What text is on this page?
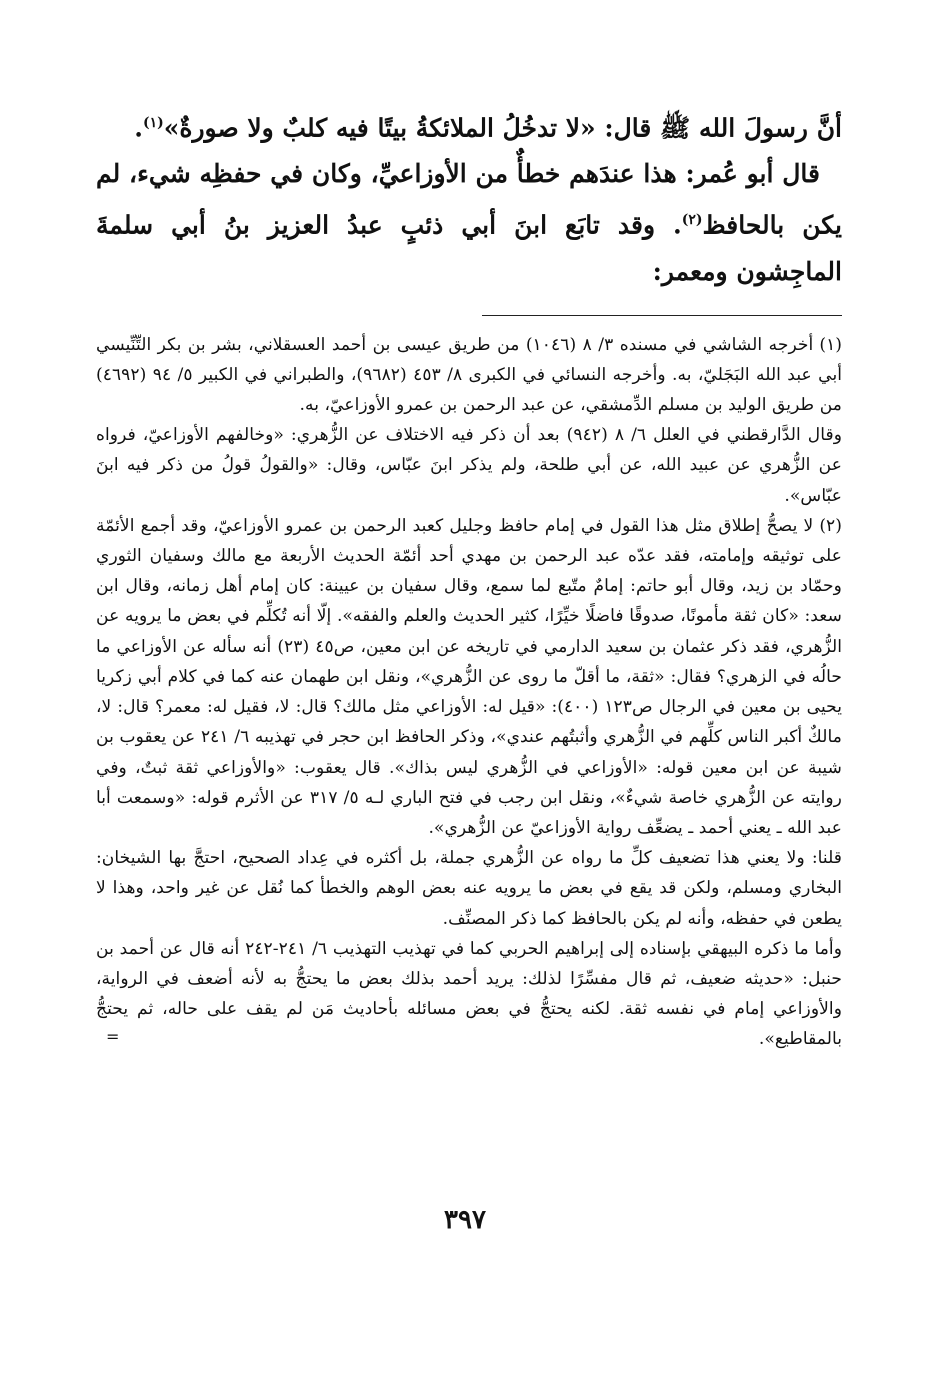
أنَّ رسولَ الله ﷺ قال: «لا تدخُلُ الملائكةُ بيتًا فيه كلبٌ ولا صورةٌ»$^{(١)}$.

قال أبو عُمر: هذا عندَهم خطأٌ من الأوزاعيِّ، وكان في حفظِه شيء، لم يكن بالحافظ$^{(٢)}$. وقد تابَع ابنَ أبي ذئبٍ عبدُ العزيز بنُ أبي سلمةَ الماجِشون ومعمر:

(١)أخرجه الشاشي في مسنده ٣/ ٨ (١٠٤٦) من طريق عيسى بن أحمد العسقلاني، بشر بن بكر التِّنِّيسي أبي عبد الله البَجَليّ، به. وأخرجه النسائي في الكبرى ٨/ ٤٥٣ (٩٦٨٢)، والطبراني في الكبير ٥/ ٩٤ (٤٦٩٢) من طريق الوليد بن مسلم الدِّمشقي، عن عبد الرحمن بن عمرو الأوزاعيّ، به.

وقال الدَّارقطني في العلل ٦/ ٨ (٩٤٢) بعد أن ذكر فيه الاختلاف عن الزُّهري: «وخالفهم الأوزاعيّ، فرواه عن الزُّهري عن عبيد الله، عن أبي طلحة، ولم يذكر ابنَ عبّاس، وقال: «والقولُ قولُ من ذكر فيه ابنَ عبّاس».

(٢)لا يصحُّ إطلاق مثل هذا القول في إمام حافظ وجليل كعبد الرحمن بن عمرو الأوزاعيّ، وقد أجمع الأئمّة على توثيقه وإمامته، فقد عدّه عبد الرحمن بن مهدي أحد أئمّة الحديث الأربعة مع مالك وسفيان الثوري وحمّاد بن زيد، وقال أبو حاتم: إمامٌ متّبع لما سمع، وقال سفيان بن عيينة: كان إمام أهل زمانه، وقال ابن سعد: «كان ثقة مأمونًا، صدوقًا فاضلًا خيِّرًا، كثير الحديث والعلم والفقه». إلّا أنه تُكلِّم في بعض ما يرويه عن الزُّهري، فقد ذكر عثمان بن سعيد الدارمي في تاريخه عن ابن معين، ص٤٥ (٢٣) أنه سأله عن الأوزاعي ما حالُه في الزهري؟ فقال: «ثقة، ما أقلّ ما روى عن الزُّهري»، ونقل ابن طهمان عنه كما في كلام أبي زكريا يحيى بن معين في الرجال ص١٢٣ (٤٠٠): «قيل له: الأوزاعي مثل مالك؟ قال: لا، فقيل له: معمر؟ قال: لا، مالكٌ أكبر الناس كلِّهم في الزُّهري وأثبتُهم عندي»، وذكر الحافظ ابن حجر في تهذيبه ٦/ ٢٤١ عن يعقوب بن شيبة عن ابن معين قوله: «الأوزاعي في الزُّهري ليس بذاك». قال يعقوب: «والأوزاعي ثقة ثبتٌ، وفي روايته عن الزُّهري خاصة شيءٌ»، ونقل ابن رجب في فتح الباري لـه ٥/ ٣١٧ عن الأثرم قوله: «وسمعت أبا عبد الله ـ يعني أحمد ـ يضعِّف رواية الأوزاعيّ عن الزُّهري».

قلنا: ولا يعني هذا تضعيف كلِّ ما رواه عن الزُّهري جملة، بل أكثره في عِداد الصحيح، احتجَّ بها الشيخان: البخاري ومسلم، ولكن قد يقع في بعض ما يرويه عنه بعض الوهم والخطأ كما نُقل عن غير واحد، وهذا لا يطعن في حفظه، وأنه لم يكن بالحافظ كما ذكر المصنِّف.

وأما ما ذكره البيهقي بإسناده إلى إبراهيم الحربي كما في تهذيب التهذيب ٦/ ٢٤١-٢٤٢ أنه قال عن أحمد بن حنبل: «حديثه ضعيف، ثم قال مفسِّرًا لذلك: يريد أحمد بذلك بعض ما يحتجُّ به لأنه أضعف في الرواية، والأوزاعي إمام في نفسه ثقة. لكنه يحتجُّ في بعض مسائله بأحاديث مَن لم يقف على حاله، ثم يحتجُّ بالمقاطيع».

=
٣٩٧
